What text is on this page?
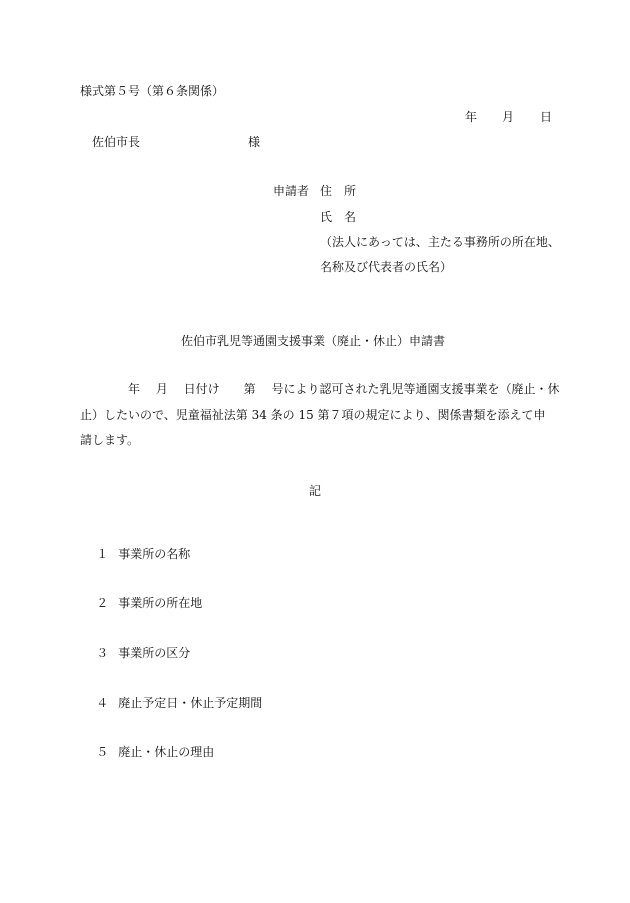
様式第５号（第６条関係）
年 月 日
佐伯市長	様
申請者 住　所
氏　名
（法人にあっては、主たる事務所の所在地、
名称及び代表者の氏名）
佐伯市乳児等通園支援事業（廃止・休止）申請書
年　 月　 日付け　　第　 号により認可された乳児等通園支援事業を（廃止・休
止）したいので、児童福祉法第 34 条の 15 第７項の規定により、関係書類を添えて申
請します。
記

１ 事業所の名称

２ 事業所の所在地

３ 事業所の区分

４ 廃止予定日・休止予定期間

５ 廃止・休止の理由
